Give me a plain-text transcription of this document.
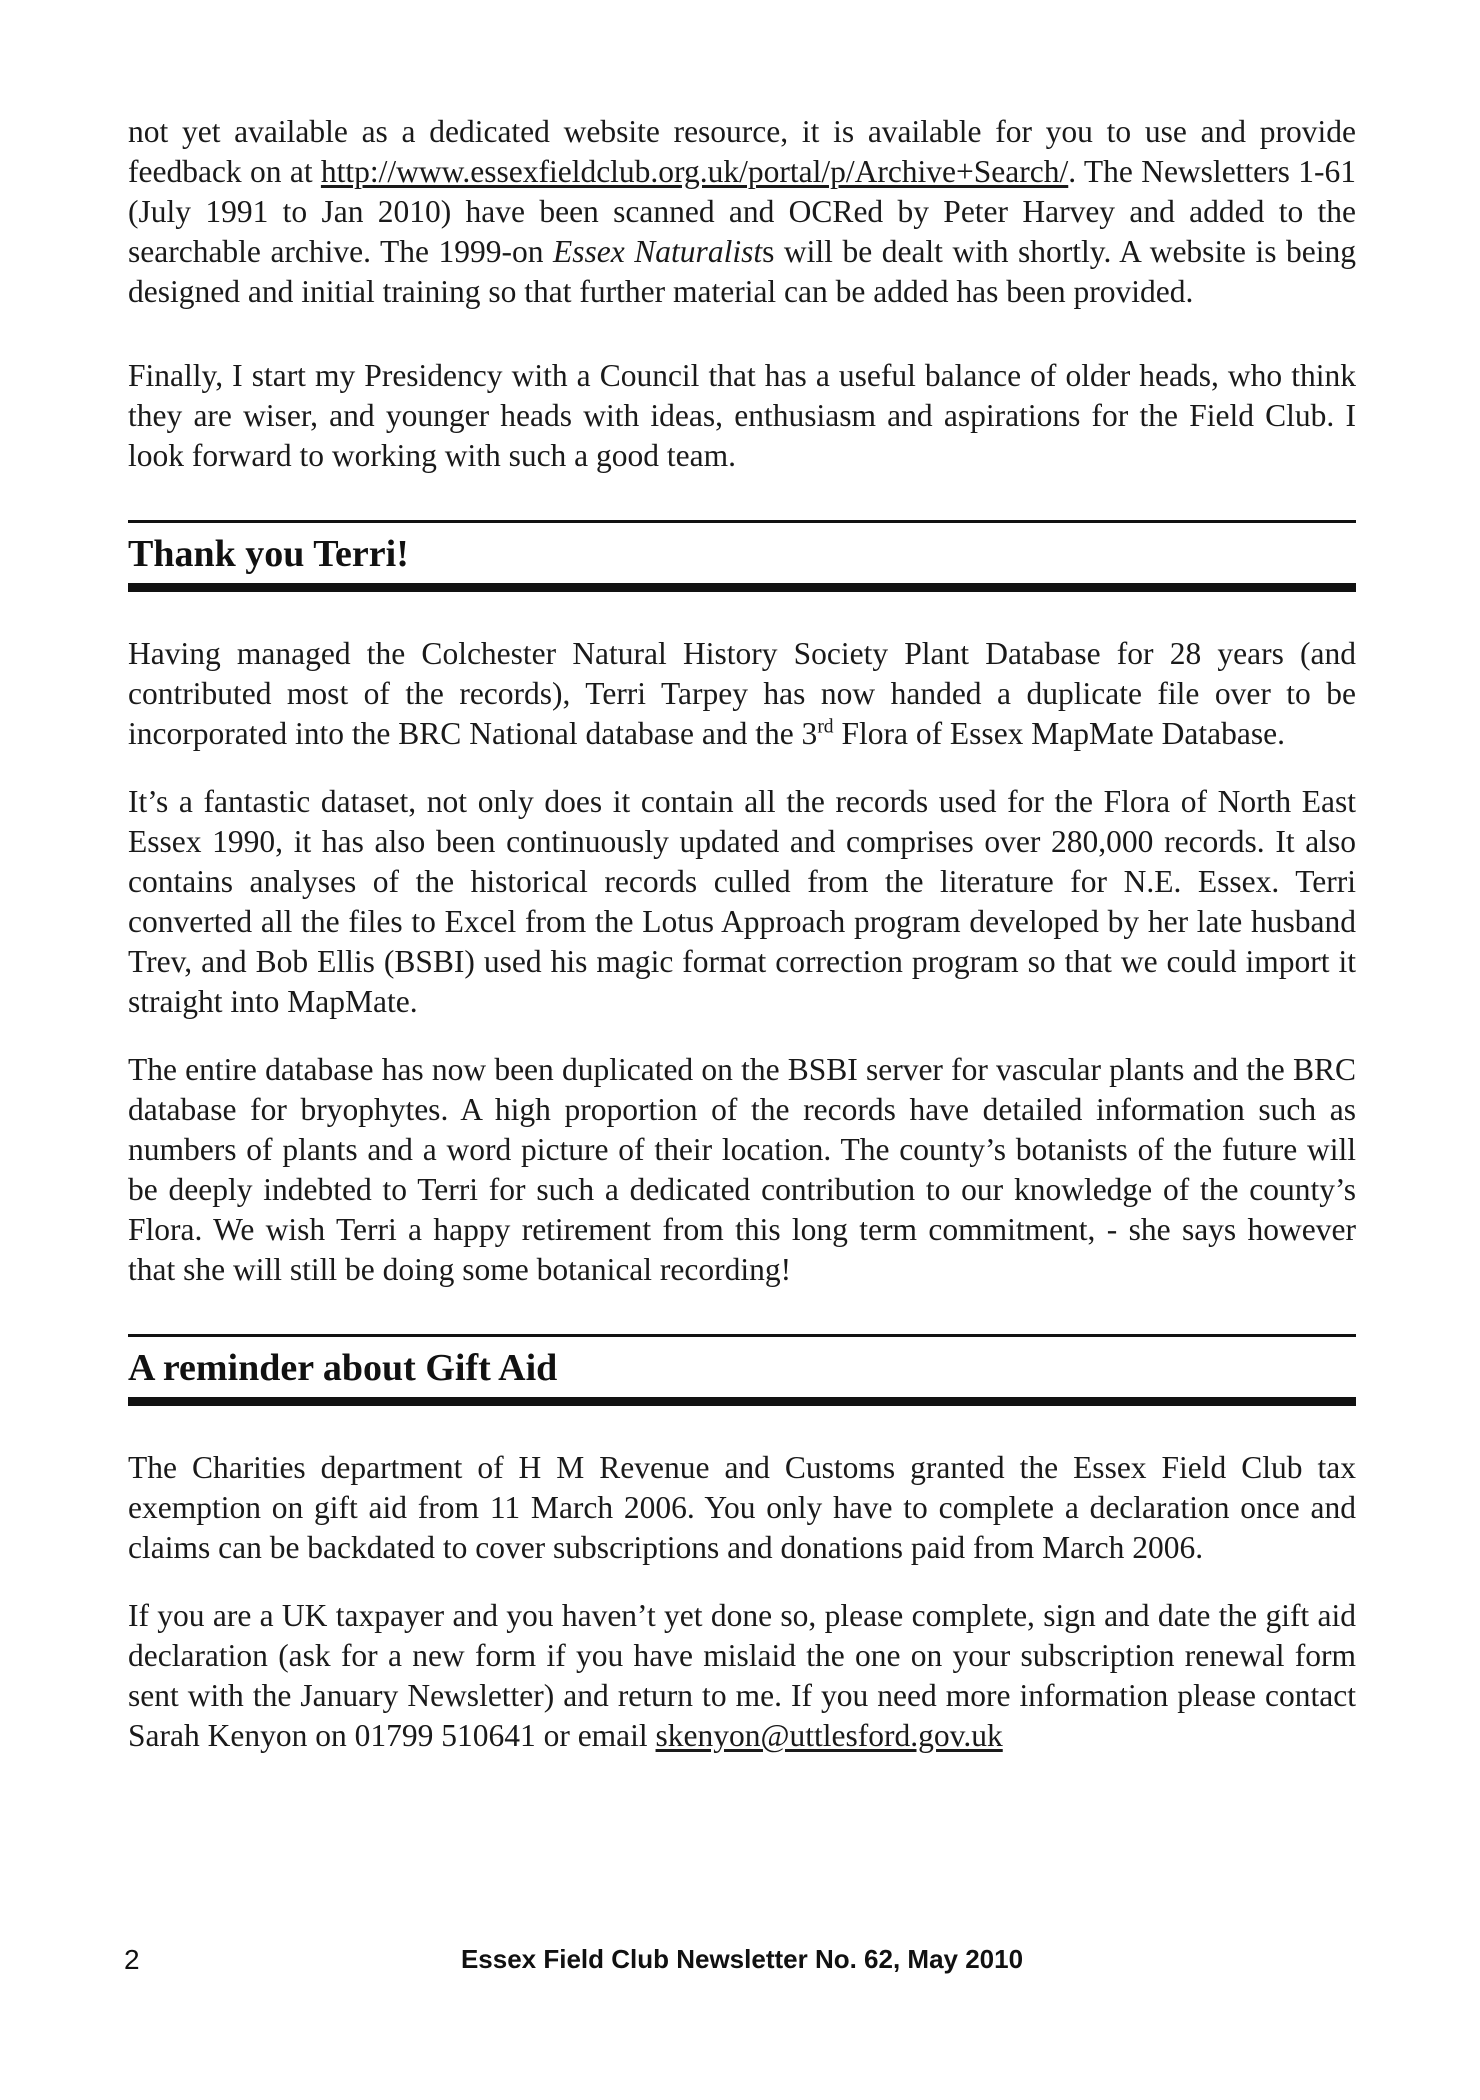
not yet available as a dedicated website resource, it is available for you to use and provide feedback on at http://www.essexfieldclub.org.uk/portal/p/Archive+Search/. The Newsletters 1-61 (July 1991 to Jan 2010) have been scanned and OCRed by Peter Harvey and added to the searchable archive. The 1999-on Essex Naturalists will be dealt with shortly. A website is being designed and initial training so that further material can be added has been provided.

Finally, I start my Presidency with a Council that has a useful balance of older heads, who think they are wiser, and younger heads with ideas, enthusiasm and aspirations for the Field Club. I look forward to working with such a good team.

Thank you Terri!

Having managed the Colchester Natural History Society Plant Database for 28 years (and contributed most of the records), Terri Tarpey has now handed a duplicate file over to be incorporated into the BRC National database and the 3rd Flora of Essex MapMate Database.

It’s a fantastic dataset, not only does it contain all the records used for the Flora of North East Essex 1990, it has also been continuously updated and comprises over 280,000 records. It also contains analyses of the historical records culled from the literature for N.E. Essex. Terri converted all the files to Excel from the Lotus Approach program developed by her late husband Trev, and Bob Ellis (BSBI) used his magic format correction program so that we could import it straight into MapMate.

The entire database has now been duplicated on the BSBI server for vascular plants and the BRC database for bryophytes. A high proportion of the records have detailed information such as numbers of plants and a word picture of their location. The county’s botanists of the future will be deeply indebted to Terri for such a dedicated contribution to our knowledge of the county’s Flora. We wish Terri a happy retirement from this long term commitment, - she says however that she will still be doing some botanical recording!

A reminder about Gift Aid

The Charities department of H M Revenue and Customs granted the Essex Field Club tax exemption on gift aid from 11 March 2006. You only have to complete a declaration once and claims can be backdated to cover subscriptions and donations paid from March 2006.

If you are a UK taxpayer and you haven’t yet done so, please complete, sign and date the gift aid declaration (ask for a new form if you have mislaid the one on your subscription renewal form sent with the January Newsletter) and return to me. If you need more information please contact Sarah Kenyon on 01799 510641 or email skenyon@uttlesford.gov.uk

2	Essex Field Club Newsletter No. 62, May 2010
